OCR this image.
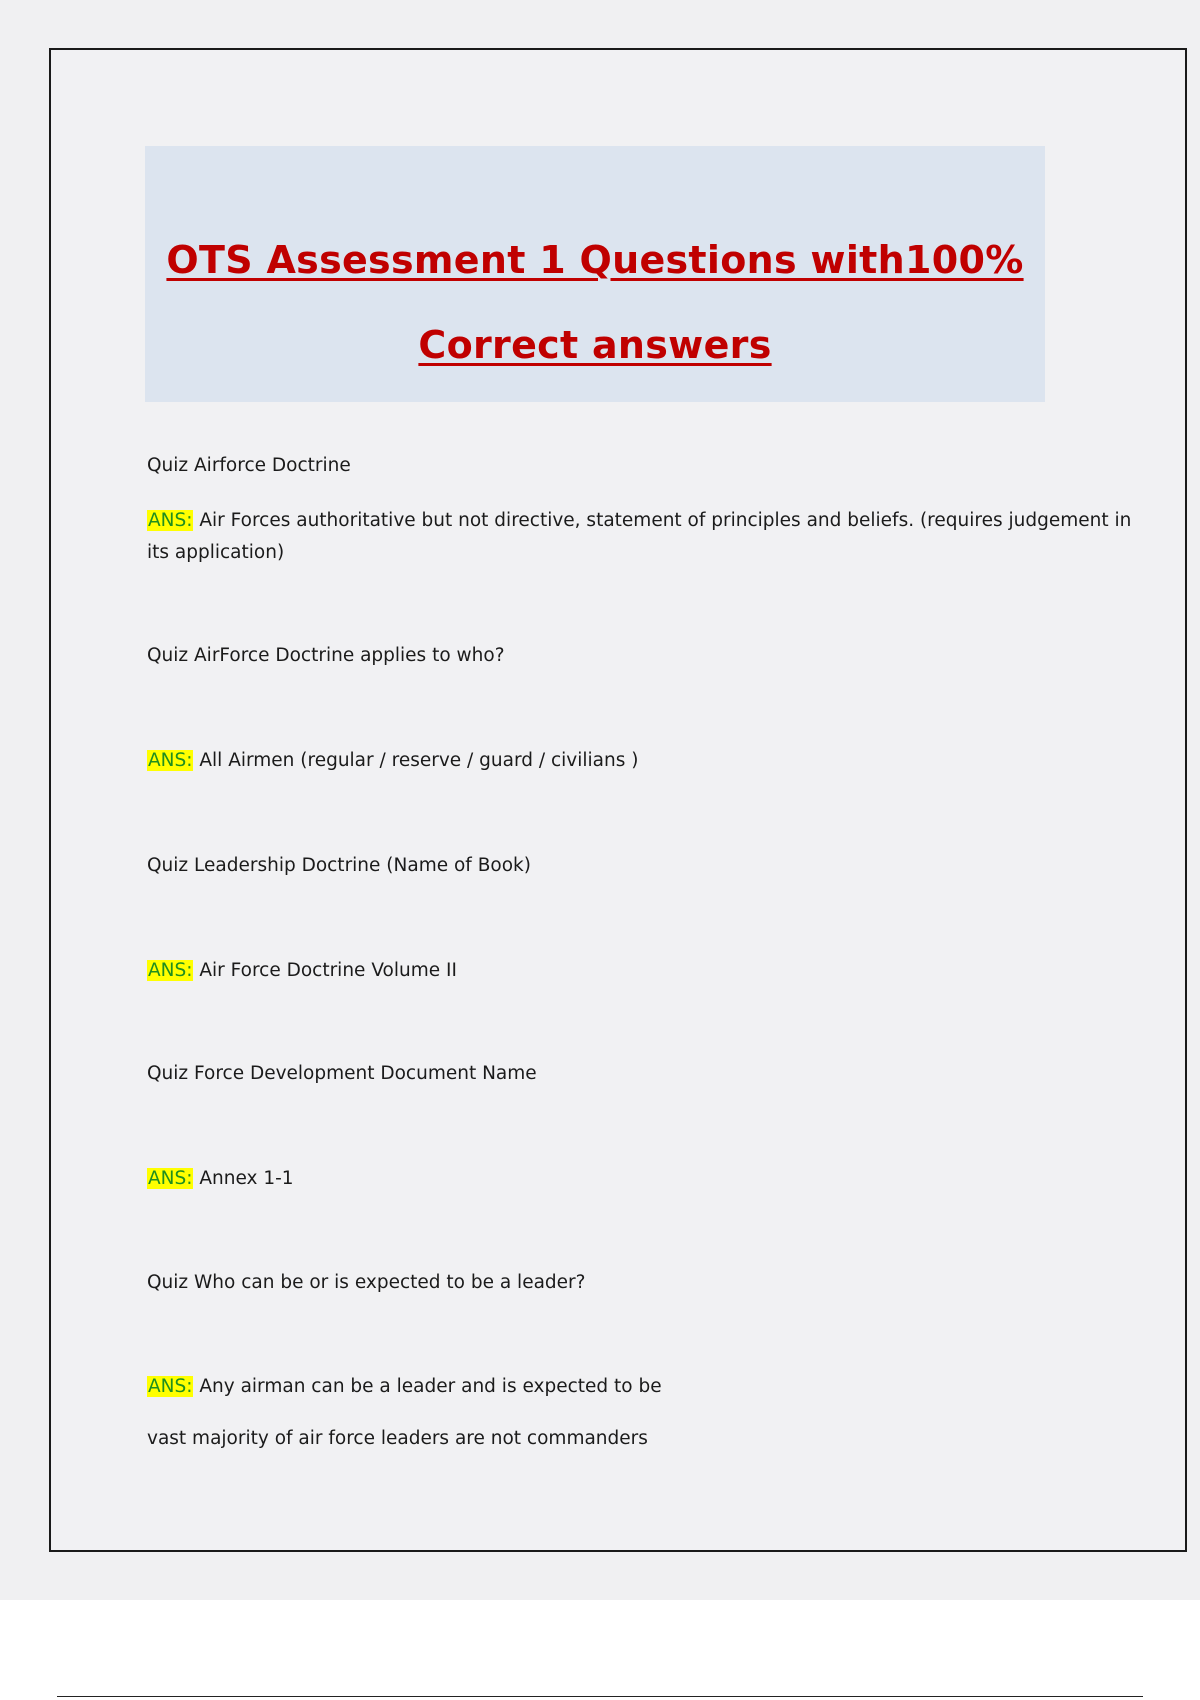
OTS Assessment 1 Questions with100%
Correct answers
Quiz Airforce Doctrine
ANS: Air Forces authoritative but not directive, statement of principles and beliefs. (requires judgement in its application)
Quiz AirForce Doctrine applies to who?
ANS: All Airmen (regular / reserve / guard / civilians )
Quiz Leadership Doctrine (Name of Book)
ANS: Air Force Doctrine Volume II
Quiz Force Development Document Name
ANS: Annex 1-1
Quiz Who can be or is expected to be a leader?
ANS: Any airman can be a leader and is expected to be
vast majority of air force leaders are not commanders
